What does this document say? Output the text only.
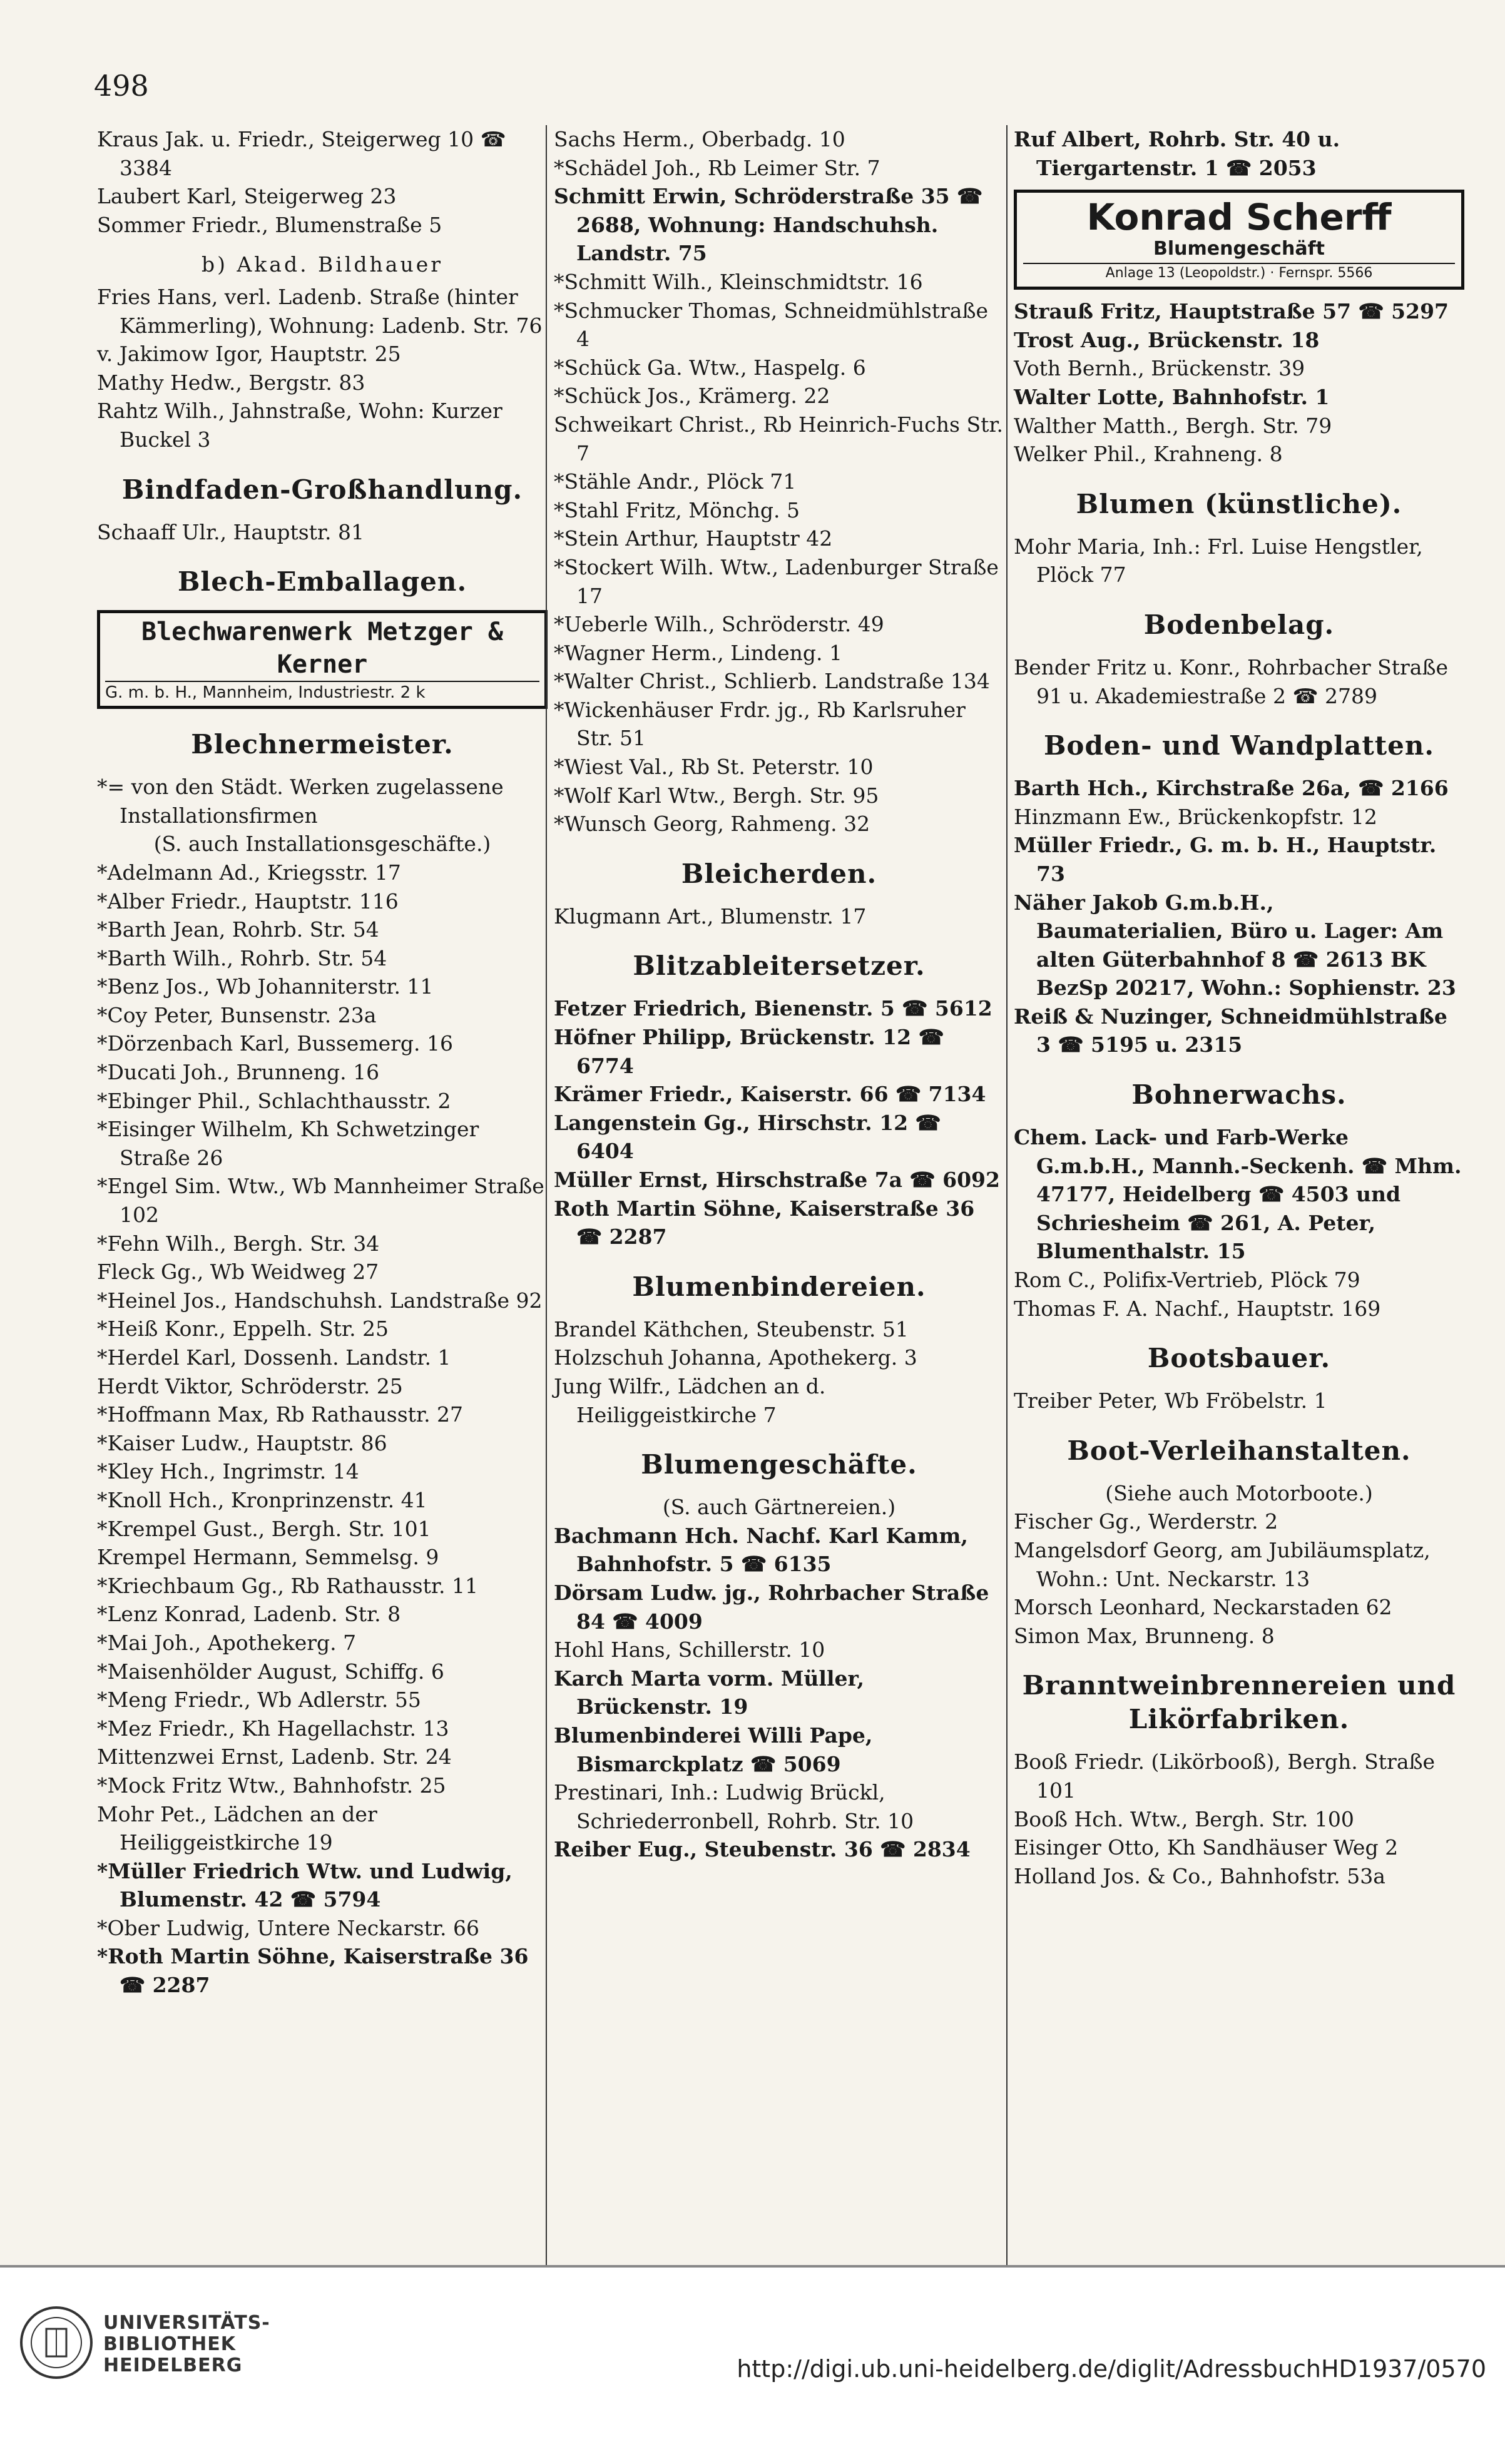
498
Kraus Jak. u. Friedr., Steigerweg 10 ☎ 3384
Laubert Karl, Steigerweg 23
Sommer Friedr., Blumenstraße 5
b) Akad. Bildhauer
Fries Hans, verl. Ladenb. Straße (hinter Kämmerling), Wohnung: Ladenb. Str. 76
v. Jakimow Igor, Hauptstr. 25
Mathy Hedw., Bergstr. 83
Rahtz Wilh., Jahnstraße, Wohn: Kurzer Buckel 3
Bindfaden-Großhandlung.
Schaaff Ulr., Hauptstr. 81
Blech-Emballagen.
Blechwarenwerk Metzger & Kerner
G. m. b. H., Mannheim, Industriestr. 2 k
Blechnermeister.
*= von den Städt. Werken zugelassene Installationsfirmen
(S. auch Installationsgeschäfte.)
*Adelmann Ad., Kriegsstr. 17
*Alber Friedr., Hauptstr. 116
*Barth Jean, Rohrb. Str. 54
*Barth Wilh., Rohrb. Str. 54
*Benz Jos., Wb Johanniterstr. 11
*Coy Peter, Bunsenstr. 23a
*Dörzenbach Karl, Bussemerg. 16
*Ducati Joh., Brunneng. 16
*Ebinger Phil., Schlachthausstr. 2
*Eisinger Wilhelm, Kh Schwetzinger Straße 26
*Engel Sim. Wtw., Wb Mannheimer Straße 102
*Fehn Wilh., Bergh. Str. 34
Fleck Gg., Wb Weidweg 27
*Heinel Jos., Handschuhsh. Landstraße 92
*Heiß Konr., Eppelh. Str. 25
*Herdel Karl, Dossenh. Landstr. 1
Herdt Viktor, Schröderstr. 25
*Hoffmann Max, Rb Rathausstr. 27
*Kaiser Ludw., Hauptstr. 86
*Kley Hch., Ingrimstr. 14
*Knoll Hch., Kronprinzenstr. 41
*Krempel Gust., Bergh. Str. 101
Krempel Hermann, Semmelsg. 9
*Kriechbaum Gg., Rb Rathausstr. 11
*Lenz Konrad, Ladenb. Str. 8
*Mai Joh., Apothekerg. 7
*Maisenhölder August, Schiffg. 6
*Meng Friedr., Wb Adlerstr. 55
*Mez Friedr., Kh Hagellachstr. 13
Mittenzwei Ernst, Ladenb. Str. 24
*Mock Fritz Wtw., Bahnhofstr. 25
Mohr Pet., Lädchen an der Heiliggeistkirche 19
*Müller Friedrich Wtw. und Ludwig, Blumenstr. 42 ☎ 5794
*Ober Ludwig, Untere Neckarstr. 66
*Roth Martin Söhne, Kaiserstraße 36 ☎ 2287
Sachs Herm., Oberbadg. 10
*Schädel Joh., Rb Leimer Str. 7
Schmitt Erwin, Schröderstraße 35 ☎ 2688, Wohnung: Handschuhsh. Landstr. 75
*Schmitt Wilh., Kleinschmidtstr. 16
*Schmucker Thomas, Schneidmühlstraße 4
*Schück Ga. Wtw., Haspelg. 6
*Schück Jos., Krämerg. 22
Schweikart Christ., Rb Heinrich-Fuchs Str. 7
*Stähle Andr., Plöck 71
*Stahl Fritz, Mönchg. 5
*Stein Arthur, Hauptstr 42
*Stockert Wilh. Wtw., Ladenburger Straße 17
*Ueberle Wilh., Schröderstr. 49
*Wagner Herm., Lindeng. 1
*Walter Christ., Schlierb. Landstraße 134
*Wickenhäuser Frdr. jg., Rb Karlsruher Str. 51
*Wiest Val., Rb St. Peterstr. 10
*Wolf Karl Wtw., Bergh. Str. 95
*Wunsch Georg, Rahmeng. 32
Bleicherden.
Klugmann Art., Blumenstr. 17
Blitzableitersetzer.
Fetzer Friedrich, Bienenstr. 5 ☎ 5612
Höfner Philipp, Brückenstr. 12 ☎ 6774
Krämer Friedr., Kaiserstr. 66 ☎ 7134
Langenstein Gg., Hirschstr. 12 ☎ 6404
Müller Ernst, Hirschstraße 7a ☎ 6092
Roth Martin Söhne, Kaiserstraße 36 ☎ 2287
Blumenbindereien.
Brandel Käthchen, Steubenstr. 51
Holzschuh Johanna, Apothekerg. 3
Jung Wilfr., Lädchen an d. Heiliggeistkirche 7
Blumengeschäfte.
(S. auch Gärtnereien.)
Bachmann Hch. Nachf. Karl Kamm, Bahnhofstr. 5 ☎ 6135
Dörsam Ludw. jg., Rohrbacher Straße 84 ☎ 4009
Hohl Hans, Schillerstr. 10
Karch Marta vorm. Müller, Brückenstr. 19
Blumenbinderei Willi Pape, Bismarckplatz ☎ 5069
Prestinari, Inh.: Ludwig Brückl, Schriederronbell, Rohrb. Str. 10
Reiber Eug., Steubenstr. 36 ☎ 2834
Ruf Albert, Rohrb. Str. 40 u. Tiergartenstr. 1 ☎ 2053
Konrad Scherff
Blumengeschäft
Anlage 13 (Leopoldstr.) · Fernspr. 5566
Strauß Fritz, Hauptstraße 57 ☎ 5297
Trost Aug., Brückenstr. 18
Voth Bernh., Brückenstr. 39
Walter Lotte, Bahnhofstr. 1
Walther Matth., Bergh. Str. 79
Welker Phil., Krahneng. 8
Blumen (künstliche).
Mohr Maria, Inh.: Frl. Luise Hengstler, Plöck 77
Bodenbelag.
Bender Fritz u. Konr., Rohrbacher Straße 91 u. Akademiestraße 2 ☎ 2789
Boden- und Wandplatten.
Barth Hch., Kirchstraße 26a, ☎ 2166
Hinzmann Ew., Brückenkopfstr. 12
Müller Friedr., G. m. b. H., Hauptstr. 73
Näher Jakob G.m.b.H., Baumaterialien, Büro u. Lager: Am alten Güterbahnhof 8 ☎ 2613 BK BezSp 20217, Wohn.: Sophienstr. 23
Reiß & Nuzinger, Schneidmühlstraße 3 ☎ 5195 u. 2315
Bohnerwachs.
Chem. Lack- und Farb-Werke G.m.b.H., Mannh.-Seckenh. ☎ Mhm. 47177, Heidelberg ☎ 4503 und Schriesheim ☎ 261, A. Peter, Blumenthalstr. 15
Rom C., Polifix-Vertrieb, Plöck 79
Thomas F. A. Nachf., Hauptstr. 169
Bootsbauer.
Treiber Peter, Wb Fröbelstr. 1
Boot-Verleihanstalten.
(Siehe auch Motorboote.)
Fischer Gg., Werderstr. 2
Mangelsdorf Georg, am Jubiläumsplatz, Wohn.: Unt. Neckarstr. 13
Morsch Leonhard, Neckarstaden 62
Simon Max, Brunneng. 8
Branntweinbrennereien und Likörfabriken.
Booß Friedr. (Likörbooß), Bergh. Straße 101
Booß Hch. Wtw., Bergh. Str. 100
Eisinger Otto, Kh Sandhäuser Weg 2
Holland Jos. & Co., Bahnhofstr. 53a
UNIVERSITÄTS-
BIBLIOTHEK
HEIDELBERG	http://digi.ub.uni-heidelberg.de/diglit/AdressbuchHD1937/0570
